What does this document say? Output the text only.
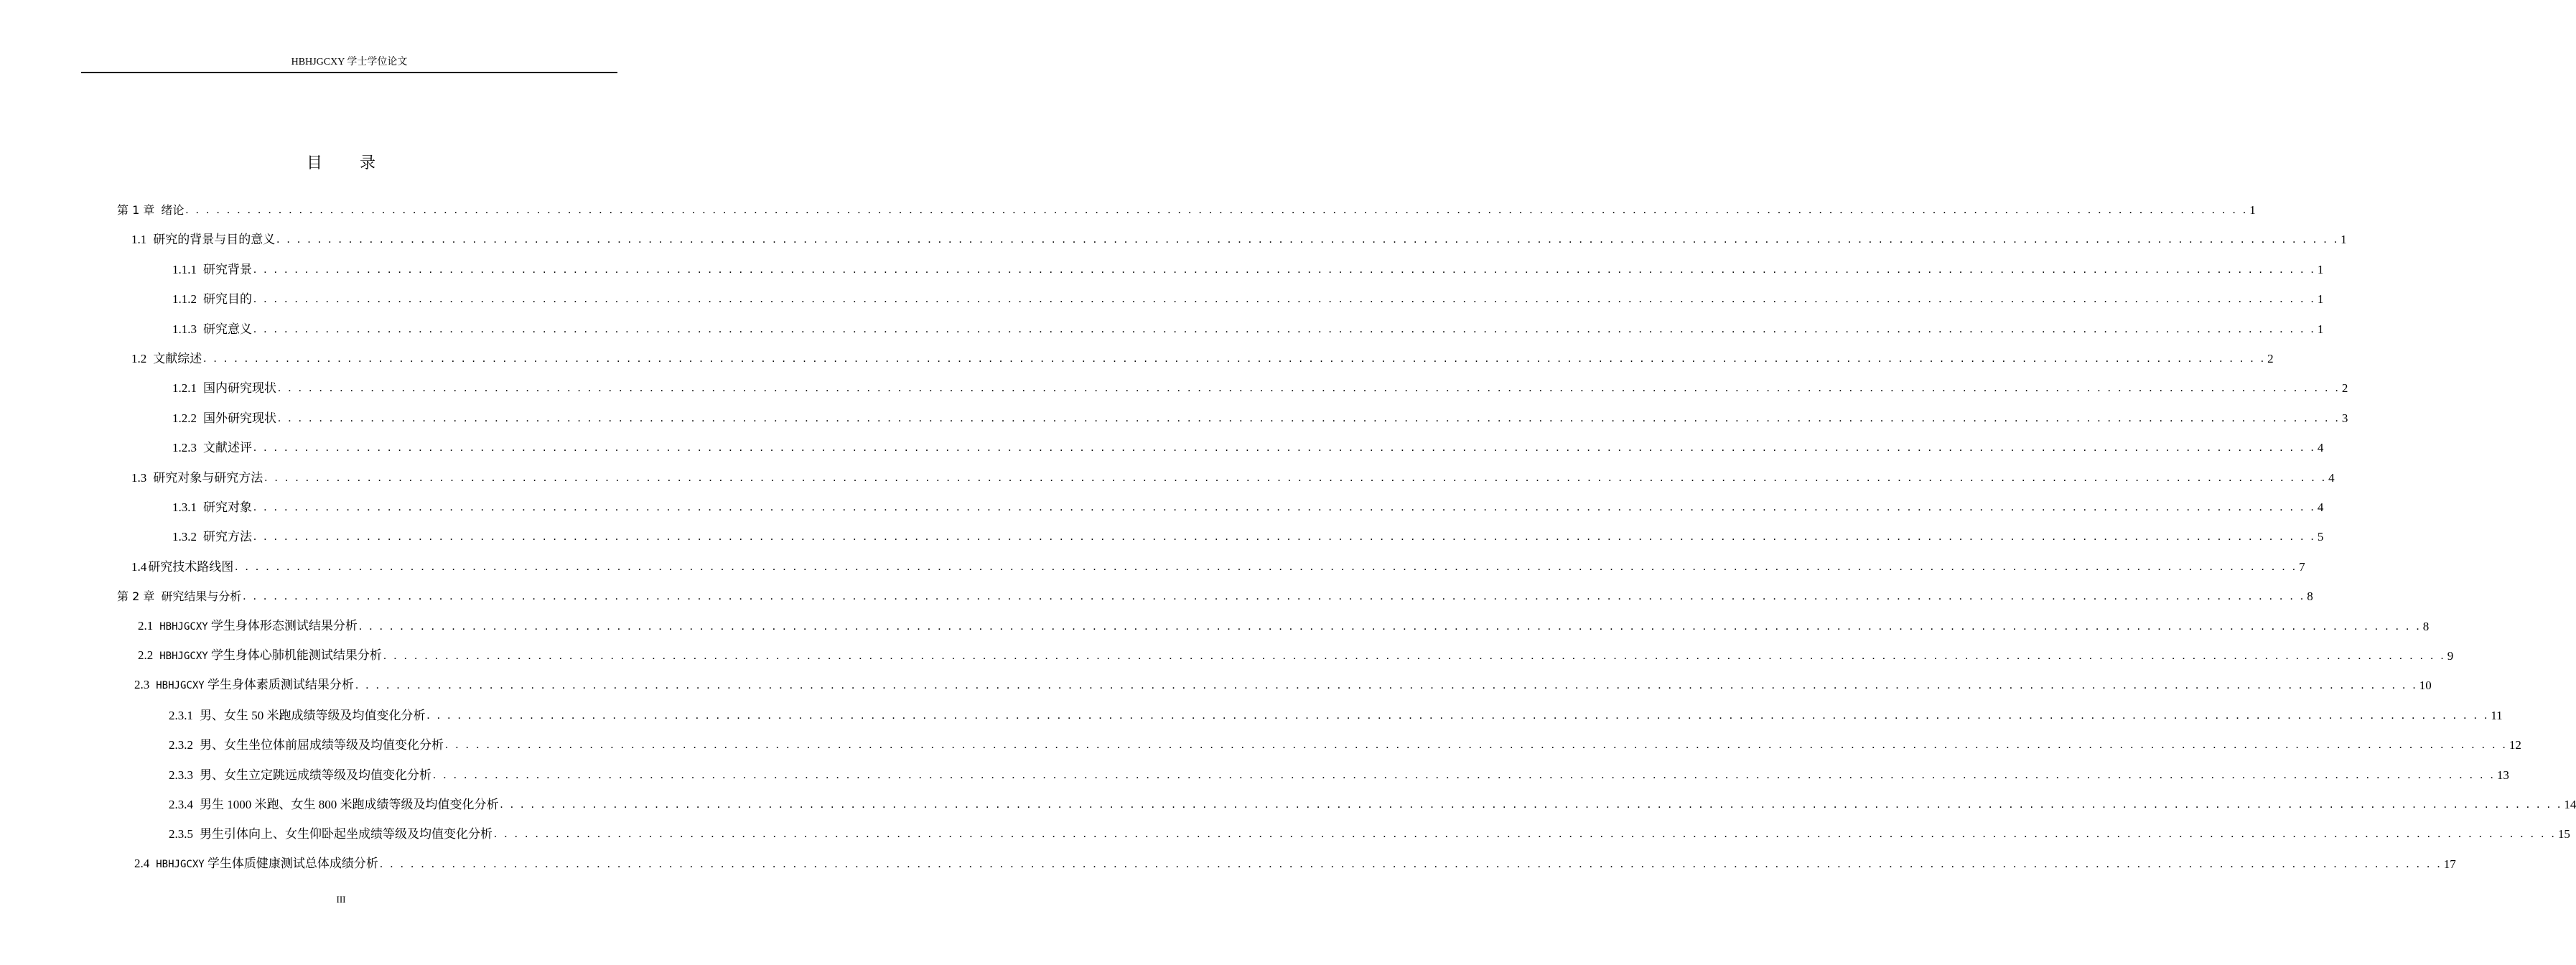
HBHJGCXY 学士学位论文
目 录
第 1 章 绪论 . . . . . . . . . . . . . . . . . . . . . . . . . . . . . . . . . . . . . . . . . . . . . . . . . . . . . . . . . . . . . . . . . . . . . . . . . . . . . . . . . . . . . . . . . . . . . . . . . . . . . . . . . . . . . . . . . . . . . . . . . . . . . . . . . . . . . . . . . . . . . . . . . . . . . . . . . . . . . . . . . . . . . . . . . . . . . . . . . . . . . . . . . . . . . . . . . . . . . . . . 1
1.1 研究的背景与目的意义 . . . . . . . . . . . . . . . . . . . . . . . . . . . . . . . . . . . . . . . . . . . . . . . . . . . . . . . . . . . . . . . . . . . . . . . . . . . . . . . . . . . . . . . . . . . . . . . . . . . . . . . . . . . . . . . . . . . . . . . . . . . . . . . . . . . . . . . . . . . . . . . . . . . . . . . . . . . . . . . . . . . . . . . . . . . . . . . . . . . . . . . . . . . . . . . . . . . . . . . . 1
1.1.1 研究背景 . . . . . . . . . . . . . . . . . . . . . . . . . . . . . . . . . . . . . . . . . . . . . . . . . . . . . . . . . . . . . . . . . . . . . . . . . . . . . . . . . . . . . . . . . . . . . . . . . . . . . . . . . . . . . . . . . . . . . . . . . . . . . . . . . . . . . . . . . . . . . . . . . . . . . . . . . . . . . . . . . . . . . . . . . . . . . . . . . . . . . . . . . . . . . . . . . . . . . . . . 1
1.1.2 研究目的 . . . . . . . . . . . . . . . . . . . . . . . . . . . . . . . . . . . . . . . . . . . . . . . . . . . . . . . . . . . . . . . . . . . . . . . . . . . . . . . . . . . . . . . . . . . . . . . . . . . . . . . . . . . . . . . . . . . . . . . . . . . . . . . . . . . . . . . . . . . . . . . . . . . . . . . . . . . . . . . . . . . . . . . . . . . . . . . . . . . . . . . . . . . . . . . . . . . . . . . . 1
1.1.3 研究意义 . . . . . . . . . . . . . . . . . . . . . . . . . . . . . . . . . . . . . . . . . . . . . . . . . . . . . . . . . . . . . . . . . . . . . . . . . . . . . . . . . . . . . . . . . . . . . . . . . . . . . . . . . . . . . . . . . . . . . . . . . . . . . . . . . . . . . . . . . . . . . . . . . . . . . . . . . . . . . . . . . . . . . . . . . . . . . . . . . . . . . . . . . . . . . . . . . . . . . . . . 1
1.2 文献综述 . . . . . . . . . . . . . . . . . . . . . . . . . . . . . . . . . . . . . . . . . . . . . . . . . . . . . . . . . . . . . . . . . . . . . . . . . . . . . . . . . . . . . . . . . . . . . . . . . . . . . . . . . . . . . . . . . . . . . . . . . . . . . . . . . . . . . . . . . . . . . . . . . . . . . . . . . . . . . . . . . . . . . . . . . . . . . . . . . . . . . . . . . . . . . . . . . . . . . . . . 2
1.2.1 国内研究现状 . . . . . . . . . . . . . . . . . . . . . . . . . . . . . . . . . . . . . . . . . . . . . . . . . . . . . . . . . . . . . . . . . . . . . . . . . . . . . . . . . . . . . . . . . . . . . . . . . . . . . . . . . . . . . . . . . . . . . . . . . . . . . . . . . . . . . . . . . . . . . . . . . . . . . . . . . . . . . . . . . . . . . . . . . . . . . . . . . . . . . . . . . . . . . . . . . . . . . . . . 2
1.2.2 国外研究现状 . . . . . . . . . . . . . . . . . . . . . . . . . . . . . . . . . . . . . . . . . . . . . . . . . . . . . . . . . . . . . . . . . . . . . . . . . . . . . . . . . . . . . . . . . . . . . . . . . . . . . . . . . . . . . . . . . . . . . . . . . . . . . . . . . . . . . . . . . . . . . . . . . . . . . . . . . . . . . . . . . . . . . . . . . . . . . . . . . . . . . . . . . . . . . . . . . . . . . . . . 3
1.2.3 文献述评 . . . . . . . . . . . . . . . . . . . . . . . . . . . . . . . . . . . . . . . . . . . . . . . . . . . . . . . . . . . . . . . . . . . . . . . . . . . . . . . . . . . . . . . . . . . . . . . . . . . . . . . . . . . . . . . . . . . . . . . . . . . . . . . . . . . . . . . . . . . . . . . . . . . . . . . . . . . . . . . . . . . . . . . . . . . . . . . . . . . . . . . . . . . . . . . . . . . . . . . . 4
1.3 研究对象与研究方法 . . . . . . . . . . . . . . . . . . . . . . . . . . . . . . . . . . . . . . . . . . . . . . . . . . . . . . . . . . . . . . . . . . . . . . . . . . . . . . . . . . . . . . . . . . . . . . . . . . . . . . . . . . . . . . . . . . . . . . . . . . . . . . . . . . . . . . . . . . . . . . . . . . . . . . . . . . . . . . . . . . . . . . . . . . . . . . . . . . . . . . . . . . . . . . . . . . . . . . . . 4
1.3.1 研究对象 . . . . . . . . . . . . . . . . . . . . . . . . . . . . . . . . . . . . . . . . . . . . . . . . . . . . . . . . . . . . . . . . . . . . . . . . . . . . . . . . . . . . . . . . . . . . . . . . . . . . . . . . . . . . . . . . . . . . . . . . . . . . . . . . . . . . . . . . . . . . . . . . . . . . . . . . . . . . . . . . . . . . . . . . . . . . . . . . . . . . . . . . . . . . . . . . . . . . . . . . 4
1.3.2 研究方法 . . . . . . . . . . . . . . . . . . . . . . . . . . . . . . . . . . . . . . . . . . . . . . . . . . . . . . . . . . . . . . . . . . . . . . . . . . . . . . . . . . . . . . . . . . . . . . . . . . . . . . . . . . . . . . . . . . . . . . . . . . . . . . . . . . . . . . . . . . . . . . . . . . . . . . . . . . . . . . . . . . . . . . . . . . . . . . . . . . . . . . . . . . . . . . . . . . . . . . . . 5
1.4 研究技术路线图 . . . . . . . . . . . . . . . . . . . . . . . . . . . . . . . . . . . . . . . . . . . . . . . . . . . . . . . . . . . . . . . . . . . . . . . . . . . . . . . . . . . . . . . . . . . . . . . . . . . . . . . . . . . . . . . . . . . . . . . . . . . . . . . . . . . . . . . . . . . . . . . . . . . . . . . . . . . . . . . . . . . . . . . . . . . . . . . . . . . . . . . . . . . . . . . . . . . . . . . . 7
第 2 章 研究结果与分析 . . . . . . . . . . . . . . . . . . . . . . . . . . . . . . . . . . . . . . . . . . . . . . . . . . . . . . . . . . . . . . . . . . . . . . . . . . . . . . . . . . . . . . . . . . . . . . . . . . . . . . . . . . . . . . . . . . . . . . . . . . . . . . . . . . . . . . . . . . . . . . . . . . . . . . . . . . . . . . . . . . . . . . . . . . . . . . . . . . . . . . . . . . . . . . . . . . . . . . . . 8
2.1 HBHJGCXY 学生身体形态测试结果分析 . . . . . . . . . . . . . . . . . . . . . . . . . . . . . . . . . . . . . . . . . . . . . . . . . . . . . . . . . . . . . . . . . . . . . . . . . . . . . . . . . . . . . . . . . . . . . . . . . . . . . . . . . . . . . . . . . . . . . . . . . . . . . . . . . . . . . . . . . . . . . . . . . . . . . . . . . . . . . . . . . . . . . . . . . . . . . . . . . . . . . . . . . . . . . . . . . . . . . . . . 8
2.2 HBHJGCXY 学生身体心肺机能测试结果分析 . . . . . . . . . . . . . . . . . . . . . . . . . . . . . . . . . . . . . . . . . . . . . . . . . . . . . . . . . . . . . . . . . . . . . . . . . . . . . . . . . . . . . . . . . . . . . . . . . . . . . . . . . . . . . . . . . . . . . . . . . . . . . . . . . . . . . . . . . . . . . . . . . . . . . . . . . . . . . . . . . . . . . . . . . . . . . . . . . . . . . . . . . . . . . . . . . . . . . . . . 9
2.3 HBHJGCXY 学生身体素质测试结果分析 . . . . . . . . . . . . . . . . . . . . . . . . . . . . . . . . . . . . . . . . . . . . . . . . . . . . . . . . . . . . . . . . . . . . . . . . . . . . . . . . . . . . . . . . . . . . . . . . . . . . . . . . . . . . . . . . . . . . . . . . . . . . . . . . . . . . . . . . . . . . . . . . . . . . . . . . . . . . . . . . . . . . . . . . . . . . . . . . . . . . . . . . . . . . . . . . . . . . . . . . 10
2.3.1 男、女生 50 米跑成绩等级及均值变化分析 . . . . . . . . . . . . . . . . . . . . . . . . . . . . . . . . . . . . . . . . . . . . . . . . . . . . . . . . . . . . . . . . . . . . . . . . . . . . . . . . . . . . . . . . . . . . . . . . . . . . . . . . . . . . . . . . . . . . . . . . . . . . . . . . . . . . . . . . . . . . . . . . . . . . . . . . . . . . . . . . . . . . . . . . . . . . . . . . . . . . . . . . . . . . . . . . . . . . . . . . 11
2.3.2 男、女生坐位体前屈成绩等级及均值变化分析 . . . . . . . . . . . . . . . . . . . . . . . . . . . . . . . . . . . . . . . . . . . . . . . . . . . . . . . . . . . . . . . . . . . . . . . . . . . . . . . . . . . . . . . . . . . . . . . . . . . . . . . . . . . . . . . . . . . . . . . . . . . . . . . . . . . . . . . . . . . . . . . . . . . . . . . . . . . . . . . . . . . . . . . . . . . . . . . . . . . . . . . . . . . . . . . . . . . . . . . . 12
2.3.3 男、女生立定跳远成绩等级及均值变化分析 . . . . . . . . . . . . . . . . . . . . . . . . . . . . . . . . . . . . . . . . . . . . . . . . . . . . . . . . . . . . . . . . . . . . . . . . . . . . . . . . . . . . . . . . . . . . . . . . . . . . . . . . . . . . . . . . . . . . . . . . . . . . . . . . . . . . . . . . . . . . . . . . . . . . . . . . . . . . . . . . . . . . . . . . . . . . . . . . . . . . . . . . . . . . . . . . . . . . . . . . 13
2.3.4 男生 1000 米跑、女生 800 米跑成绩等级及均值变化分析 . . . . . . . . . . . . . . . . . . . . . . . . . . . . . . . . . . . . . . . . . . . . . . . . . . . . . . . . . . . . . . . . . . . . . . . . . . . . . . . . . . . . . . . . . . . . . . . . . . . . . . . . . . . . . . . . . . . . . . . . . . . . . . . . . . . . . . . . . . . . . . . . . . . . . . . . . . . . . . . . . . . . . . . . . . . . . . . . . . . . . . . . . . . . . . . . . . . . . . . . 14
2.3.5 男生引体向上、女生仰卧起坐成绩等级及均值变化分析 . . . . . . . . . . . . . . . . . . . . . . . . . . . . . . . . . . . . . . . . . . . . . . . . . . . . . . . . . . . . . . . . . . . . . . . . . . . . . . . . . . . . . . . . . . . . . . . . . . . . . . . . . . . . . . . . . . . . . . . . . . . . . . . . . . . . . . . . . . . . . . . . . . . . . . . . . . . . . . . . . . . . . . . . . . . . . . . . . . . . . . . . . . . . . . . . . . . . . . . . 15
2.4 HBHJGCXY 学生体质健康测试总体成绩分析 . . . . . . . . . . . . . . . . . . . . . . . . . . . . . . . . . . . . . . . . . . . . . . . . . . . . . . . . . . . . . . . . . . . . . . . . . . . . . . . . . . . . . . . . . . . . . . . . . . . . . . . . . . . . . . . . . . . . . . . . . . . . . . . . . . . . . . . . . . . . . . . . . . . . . . . . . . . . . . . . . . . . . . . . . . . . . . . . . . . . . . . . . . . . . . . . . . . . . . . . 17
III
